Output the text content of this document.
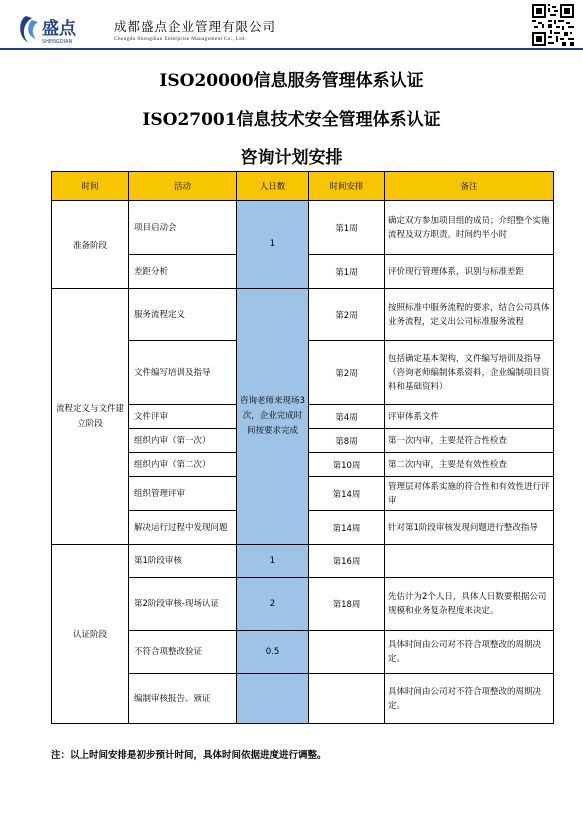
盛点
SHENGDIAN
成都盛点企业管理有限公司
Chengdu Shengdian Enterprise Management Co., Ltd.
ISO20000信息服务管理体系认证
ISO27001信息技术安全管理体系认证
咨询计划安排
时间	活动	人日数	时间安排	备注
准备阶段	项目启动会	1	第1周	确定双方参加项目组的成员；介绍整个实施流程及双方职责。时间约半小时
	差距分析		第1周	评价现行管理体系，识别与标准差距
流程定义与文件建立阶段	服务流程定义	咨询老师来现场3次，企业完成时间按要求完成	第2周	按照标准中服务流程的要求，结合公司具体业务流程，定义出公司标准服务流程
	文件编写培训及指导		第2周	包括确定基本架构，文件编写培训及指导（咨询老师编制体系资料，企业编制项目资料和基础资料）
	文件评审		第4周	评审体系文件
	组织内审（第一次）		第8周	第一次内审，主要是符合性检查
	组织内审（第二次）		第10周	第二次内审，主要是有效性检查
	组织管理评审		第14周	管理层对体系实施的符合性和有效性进行评审
	解决运行过程中发现问题		第14周	针对第1阶段审核发现问题进行整改指导
认证阶段	第1阶段审核	1	第16周	
	第2阶段审核-现场认证	2	第18周	先估计为2个人日，具体人日数要根据公司规模和业务复杂程度来决定。
	不符合项整改验证	0.5		具体时间由公司对不符合项整改的周期决定。
	编制审核报告、颁证			具体时间由公司对不符合项整改的周期决定。
注：以上时间安排是初步预计时间，具体时间依据进度进行调整。
